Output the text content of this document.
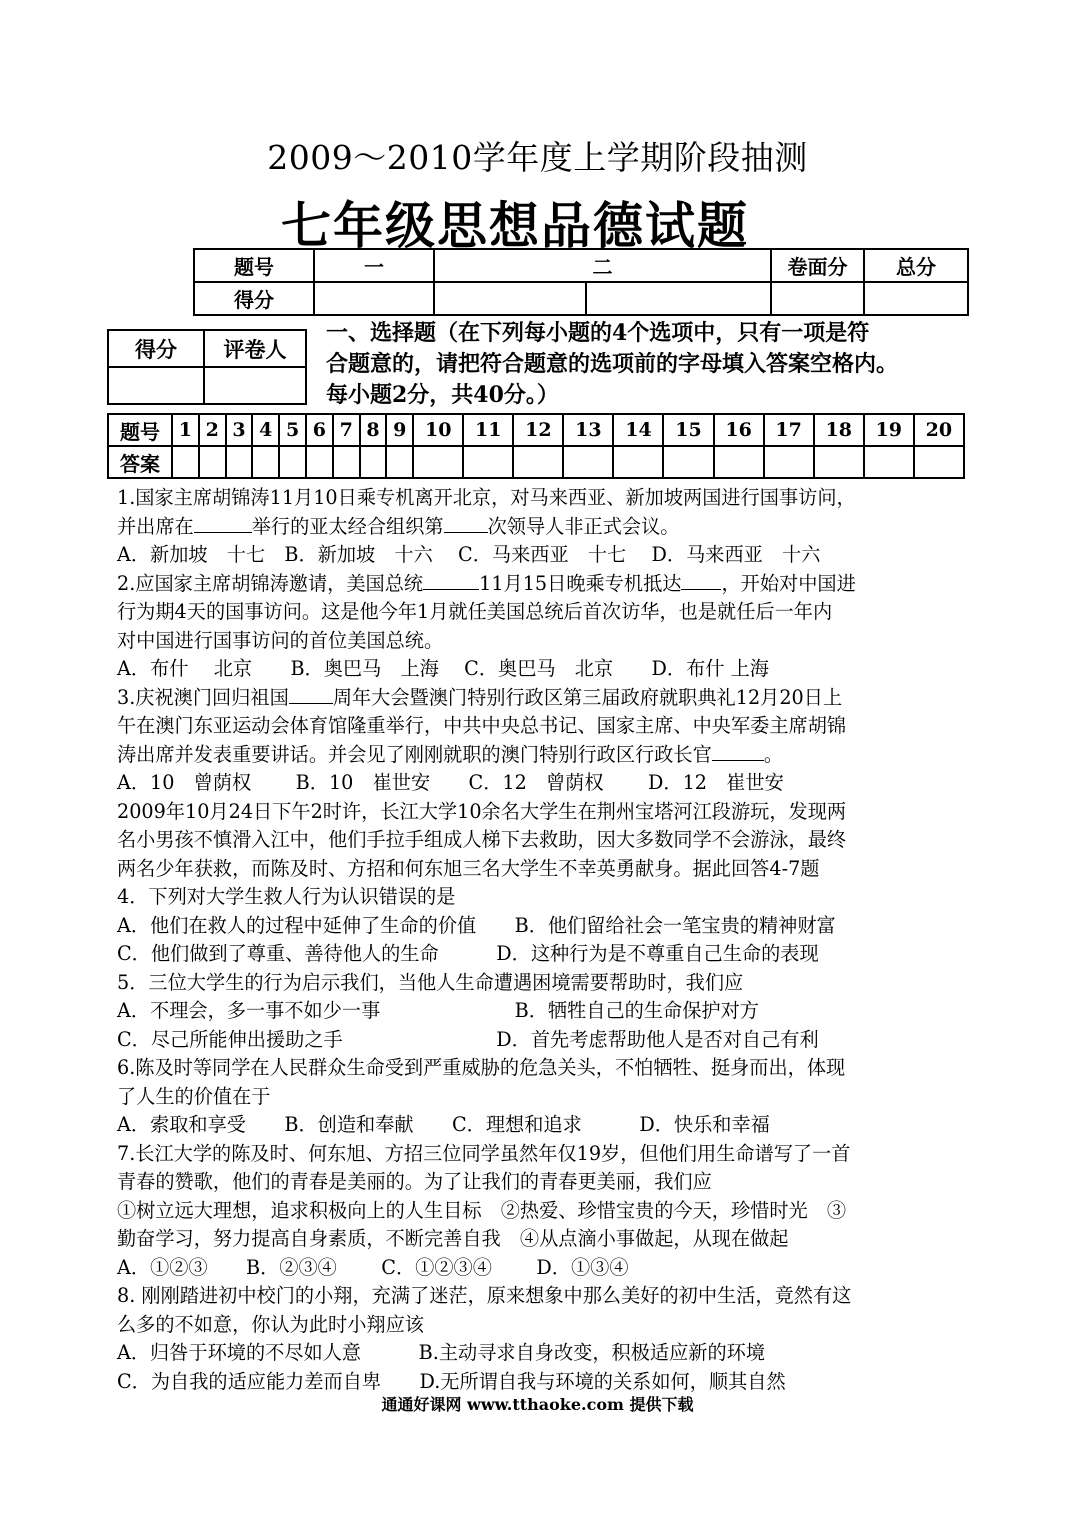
2009～2010学年度上学期阶段抽测
七年级思想品德试题
题号	一	二		卷面分	总分
得分					
得分	评卷人

一、选择题（在下列每小题的4个选项中，只有一项是符
合题意的，请把符合题意的选项前的字母填入答案空格内。
每小题2分，共40分。）
题号	1	2	3	4	5	6	7	8	9	10	11	12	13	14	15	16	17	18	19	20
答案																				
1.国家主席胡锦涛11月10日乘专机离开北京，对马来西亚、新加坡两国进行国事访问，
并出席在	举行的亚太经合组织第 次领导人非正式会议。
A．新加坡　十七　B．新加坡　十六　 C．马来西亚　十七　 D．马来西亚　十六
2.应国家主席胡锦涛邀请，美国总统	11月15日晚乘专机抵达 ，开始对中国进
行为期4天的国事访问。这是他今年1月就任美国总统后首次访华，也是就任后一年内
对中国进行国事访问的首位美国总统。
A．布什　 北京　　B．奥巴马　上海　 C．奥巴马　北京　　D．布什 上海
3.庆祝澳门回归祖国 周年大会暨澳门特别行政区第三届政府就职典礼12月20日上
午在澳门东亚运动会体育馆隆重举行，中共中央总书记、国家主席、中央军委主席胡锦
涛出席并发表重要讲话。并会见了刚刚就职的澳门特别行政区行政长官	。
A．10　曾荫权　　 B．10　崔世安　　C．12　曾荫权　　 D．12　崔世安
2009年10月24日下午2时许，长江大学10余名大学生在荆州宝塔河江段游玩，发现两
名小男孩不慎滑入江中，他们手拉手组成人梯下去救助，因大多数同学不会游泳，最终
两名少年获救，而陈及时、方招和何东旭三名大学生不幸英勇献身。据此回答4-7题
4．下列对大学生救人行为认识错误的是
A．他们在救人的过程中延伸了生命的价值　　B．他们留给社会一笔宝贵的精神财富
C．他们做到了尊重、善待他人的生命　　　D．这种行为是不尊重自己生命的表现
5．三位大学生的行为启示我们，当他人生命遭遇困境需要帮助时，我们应
A．不理会，多一事不如少一事　　　　　　　B．牺牲自己的生命保护对方
C．尽己所能伸出援助之手　　　　　　　　D．首先考虑帮助他人是否对自己有利
6.陈及时等同学在人民群众生命受到严重威胁的危急关头，不怕牺牲、挺身而出，体现
了人生的价值在于
A．索取和享受　　B．创造和奉献　　C．理想和追求　　　D．快乐和幸福
7.长江大学的陈及时、何东旭、方招三位同学虽然年仅19岁，但他们用生命谱写了一首
青春的赞歌，他们的青春是美丽的。为了让我们的青春更美丽，我们应
①树立远大理想，追求积极向上的人生目标　②热爱、珍惜宝贵的今天，珍惜时光　③
勤奋学习，努力提高自身素质，不断完善自我　④从点滴小事做起，从现在做起
A．①②③　　B．②③④　　 C．①②③④　　 D．①③④
8. 刚刚踏进初中校门的小翔，充满了迷茫，原来想象中那么美好的初中生活，竟然有这
么多的不如意，你认为此时小翔应该
A．归咎于环境的不尽如人意　　　B.主动寻求自身改变，积极适应新的环境
C．为自我的适应能力差而自卑　　D.无所谓自我与环境的关系如何，顺其自然
通通好课网 www.tthaoke.com 提供下载
